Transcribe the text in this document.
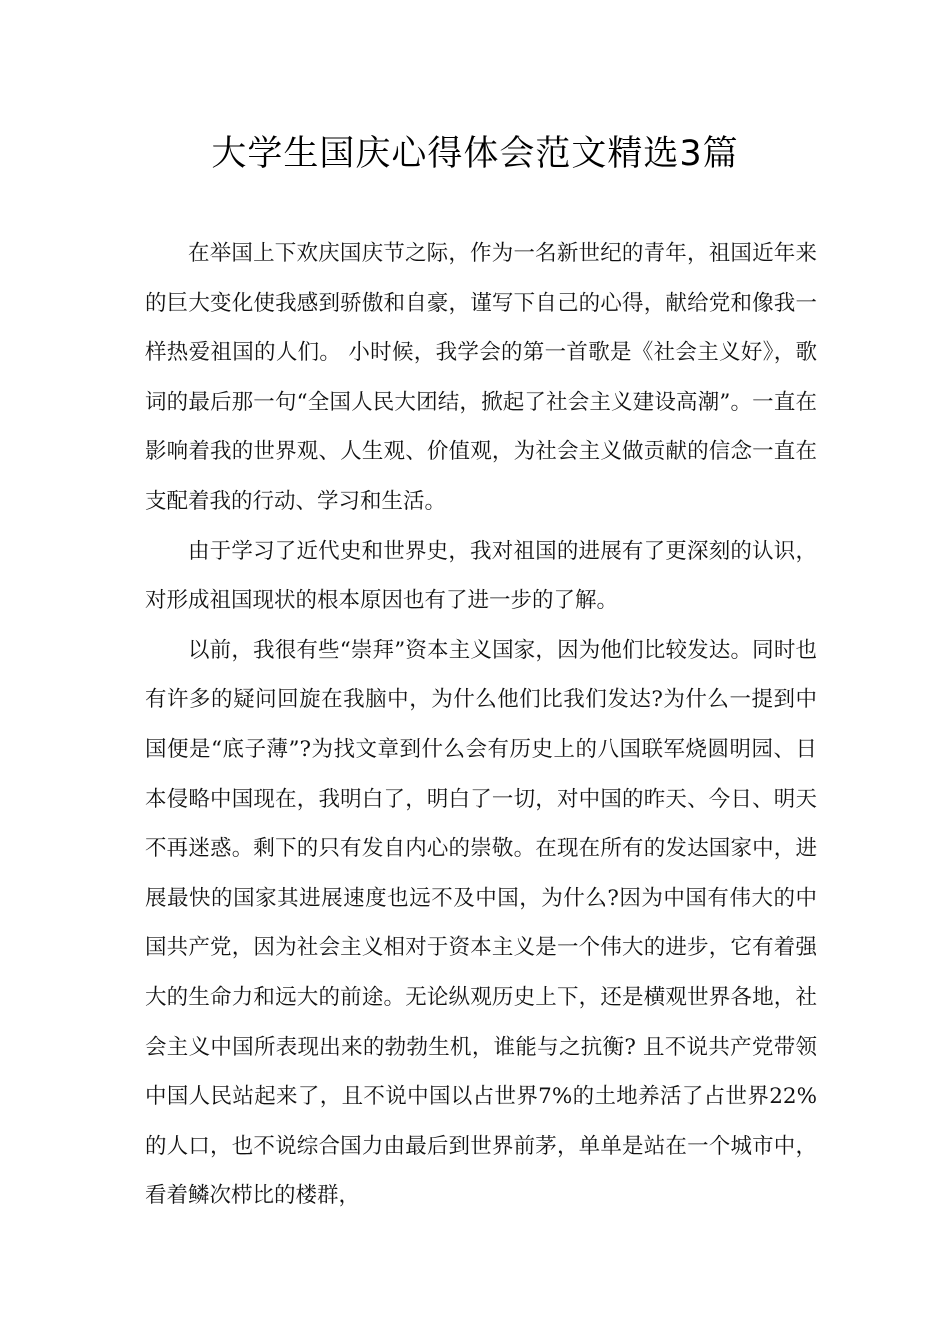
大学生国庆心得体会范文精选3篇

在举国上下欢庆国庆节之际，作为一名新世纪的青年，祖国近年来的巨大变化使我感到骄傲和自豪，谨写下自己的心得，献给党和像我一样热爱祖国的人们。 小时候，我学会的第一首歌是《社会主义好》，歌词的最后那一句“全国人民大团结，掀起了社会主义建设高潮”。一直在影响着我的世界观、人生观、价值观，为社会主义做贡献的信念一直在支配着我的行动、学习和生活。

由于学习了近代史和世界史，我对祖国的进展有了更深刻的认识，对形成祖国现状的根本原因也有了进一步的了解。

以前，我很有些“崇拜”资本主义国家，因为他们比较发达。同时也有许多的疑问回旋在我脑中，为什么他们比我们发达?为什么一提到中国便是“底子薄”?为找文章到什么会有历史上的八国联军烧圆明园、日本侵略中国现在，我明白了，明白了一切，对中国的昨天、今日、明天不再迷惑。剩下的只有发自内心的崇敬。在现在所有的发达国家中，进展最快的国家其进展速度也远不及中国，为什么?因为中国有伟大的中国共产党，因为社会主义相对于资本主义是一个伟大的进步，它有着强大的生命力和远大的前途。无论纵观历史上下，还是横观世界各地，社会主义中国所表现出来的勃勃生机，谁能与之抗衡? 且不说共产党带领中国人民站起来了，且不说中国以占世界7%的土地养活了占世界22%的人口，也不说综合国力由最后到世界前茅，单单是站在一个城市中，看着鳞次栉比的楼群，
